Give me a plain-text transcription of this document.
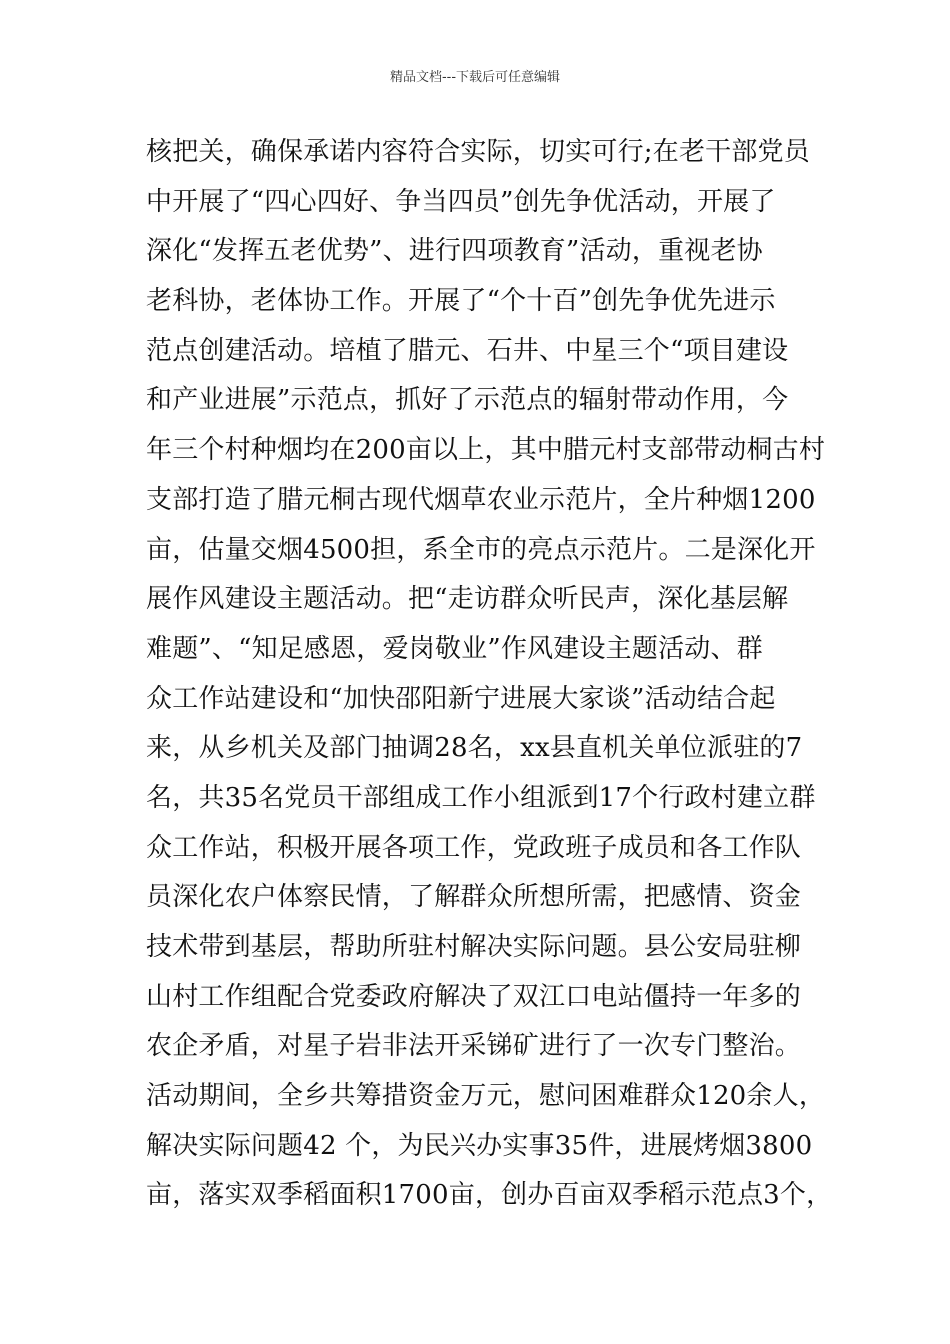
精品文档---下载后可任意编辑
核把关，确保承诺内容符合实际，切实可行;在老干部党员
中开展了“四心四好、争当四员”创先争优活动，开展了
深化“发挥五老优势”、进行四项教育”活动，重视老协
老科协，老体协工作。开展了“个十百”创先争优先进示
范点创建活动。培植了腊元、石井、中星三个“项目建设
和产业进展”示范点，抓好了示范点的辐射带动作用，今
年三个村种烟均在200亩以上，其中腊元村支部带动桐古村
支部打造了腊元桐古现代烟草农业示范片，全片种烟1200
亩，估量交烟4500担，系全市的亮点示范片。二是深化开
展作风建设主题活动。把“走访群众听民声，深化基层解
难题”、“知足感恩，爱岗敬业”作风建设主题活动、群
众工作站建设和“加快邵阳新宁进展大家谈”活动结合起
来，从乡机关及部门抽调28名，xx县直机关单位派驻的7
名，共35名党员干部组成工作小组派到17个行政村建立群
众工作站，积极开展各项工作，党政班子成员和各工作队
员深化农户体察民情，了解群众所想所需，把感情、资金
技术带到基层，帮助所驻村解决实际问题。县公安局驻柳
山村工作组配合党委政府解决了双江口电站僵持一年多的
农企矛盾，对星子岩非法开采锑矿进行了一次专门整治。
活动期间，全乡共筹措资金万元，慰问困难群众120余人，
解决实际问题42 个，为民兴办实事35件，进展烤烟3800
亩，落实双季稻面积1700亩，创办百亩双季稻示范点3个，
